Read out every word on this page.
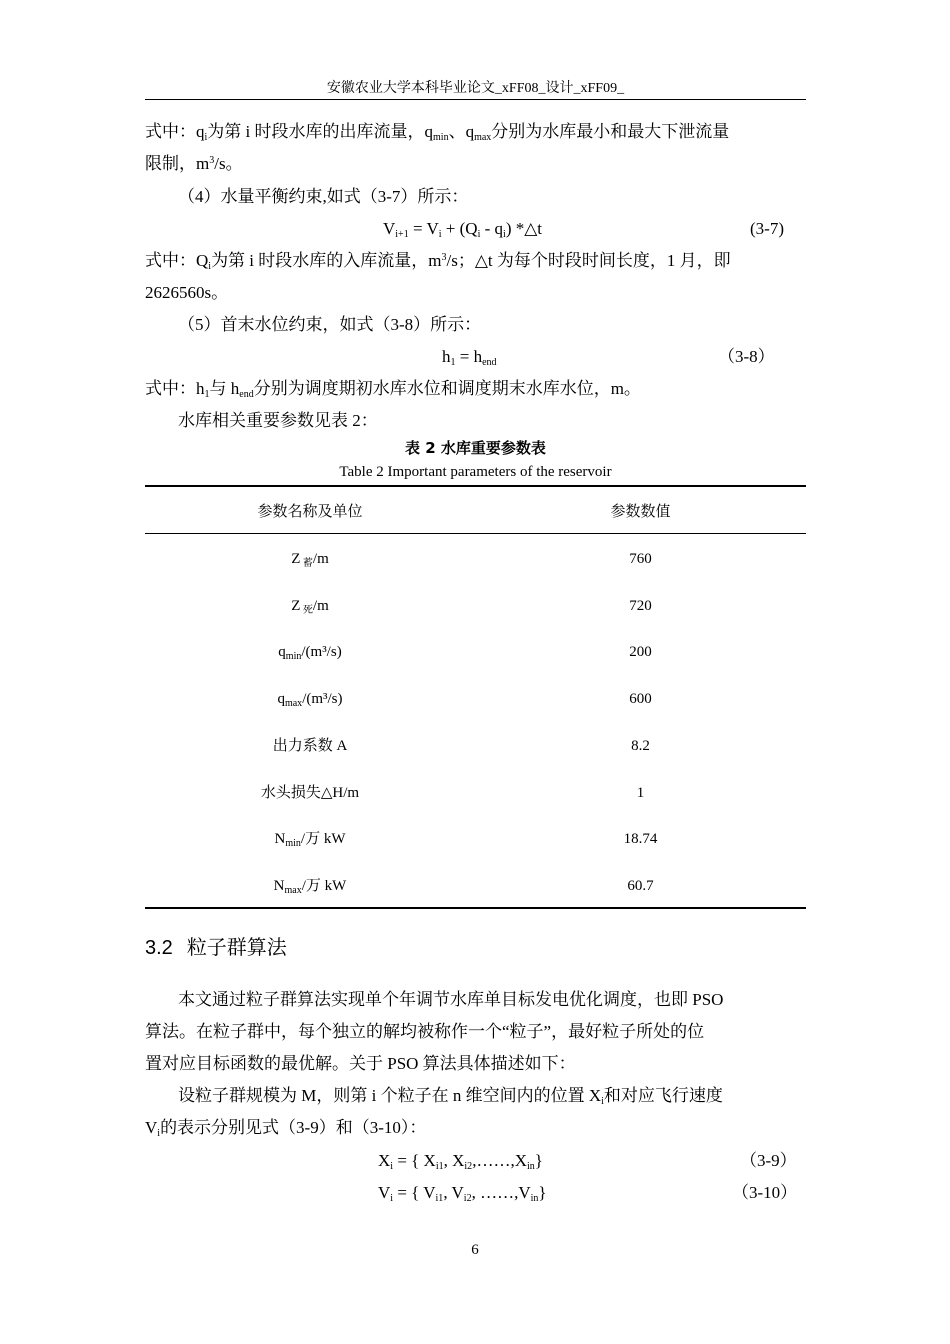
安徽农业大学本科毕业论文_xFF08_设计_xFF09_
式中：$q_i$为第 i 时段水库的出库流量，$q_{min}$、$q_{max}$分别为水库最小和最大下泄流量
限制，$m^3/s$。
（4）水量平衡约束,如式（3-7）所示：
$V_{i+1} = V_i + (Q_i - q_i)$ *△t	(3-7)
式中：$Q_i$为第 i 时段水库的入库流量，$m^3/s$；△t 为每个时段时间长度，1 月，即
2626560s。
（5）首末水位约束，如式（3-8）所示：
$h_1 = h_{end}$	（3-8）
式中：$h_1$与 $h_{end}$分别为调度期初水库水位和调度期末水库水位，m。
水库相关重要参数见表 2：
表 2 水库重要参数表
Table 2 Important parameters of the reservoir
参数名称及单位	参数数值
Z $_蓄$/m	760
Z $_死$/m	720
$q_{min}/(m^3/s)$	200
$q_{max}/(m^3/s)$	600
出力系数 A	8.2
水头损失△H/m	1
$N_{min}/$万 kW	18.74
$N_{max}/$万 kW	60.7
3.2 粒子群算法
本文通过粒子群算法实现单个年调节水库单目标发电优化调度，也即 PSO
算法。在粒子群中，每个独立的解均被称作一个“粒子”，最好粒子所处的位
置对应目标函数的最优解。关于 PSO 算法具体描述如下：
设粒子群规模为 M，则第 i 个粒子在 n 维空间内的位置 $X_i$和对应飞行速度
$V_i$的表示分别见式（3-9）和（3-10）：
$X_i$ = { $X_{i1}$, $X_{i2},\dots\dots,X_{in}$}	（3-9）
$V_i$ = { $V_{i1}$, $V_{i2}$, $\dots\dots,V_{in}$}	（3-10）
6
